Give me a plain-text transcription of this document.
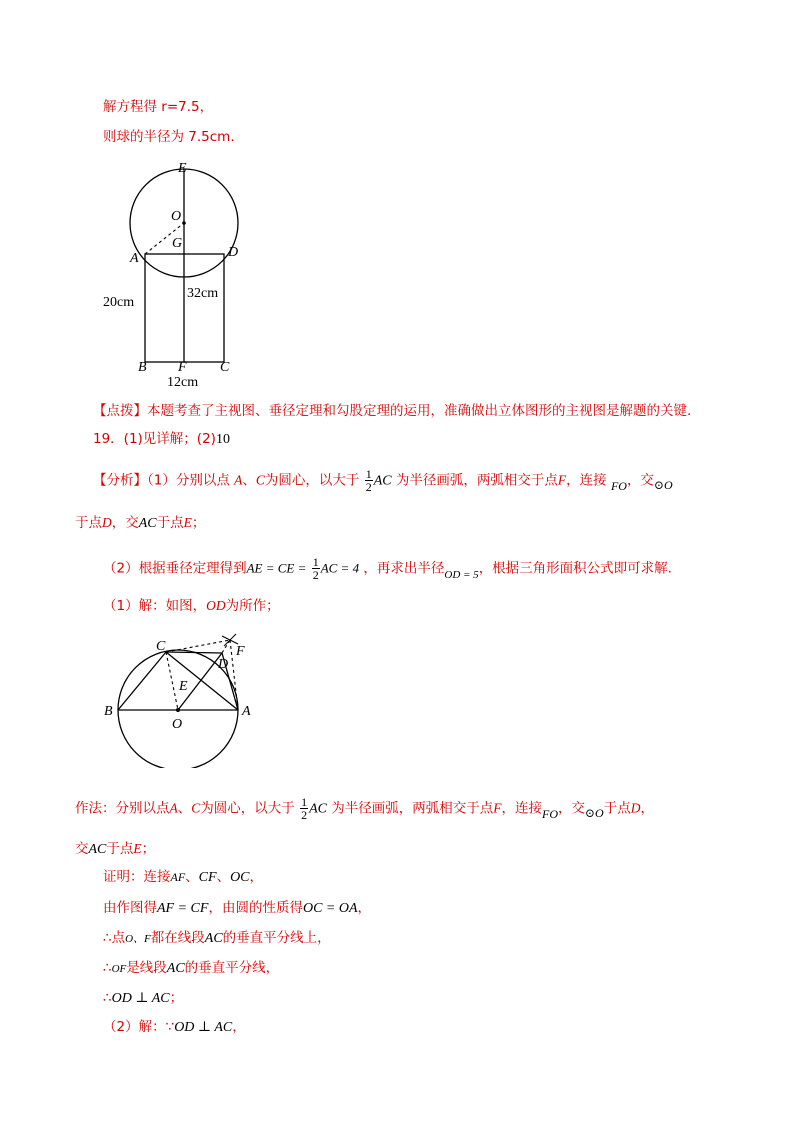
解方程得 r=7.5，
则球的半径为 7.5cm.
E
O
G
A	D
B F C
20cm
32cm
12cm
【点拨】本题考查了主视图、垂径定理和勾股定理的运用，准确做出立体图形的主视图是解题的关键.
19．(1)见详解；(2)10
【分析】（1）分别以点 A、C为圆心，以大于 $\frac{1}{2}$ AC 为半径画弧，两弧相交于点F，连接 FO，交⊙O
于点D，交AC于点E；
（2）根据垂径定理得到AE = CE = $\frac{1}{2}$ AC = 4 ，再求出半径$_{OD = 5}$，根据三角形面积公式即可求解.
（1）解：如图，OD为所作；
C	F
D
E
B
O
A
作法：分别以点A、C为圆心，以大于 $\frac{1}{2}$ AC 为半径画弧，两弧相交于点F，连接FO，交⊙O于点D，
交AC于点E；
证明：连接AF、CF、OC，
由作图得AF = CF，由圆的性质得OC = OA，
∴点O、F都在线段AC的垂直平分线上，
∴OF是线段AC的垂直平分线，
∴OD ⊥ AC；
（2）解：∵OD ⊥ AC，
